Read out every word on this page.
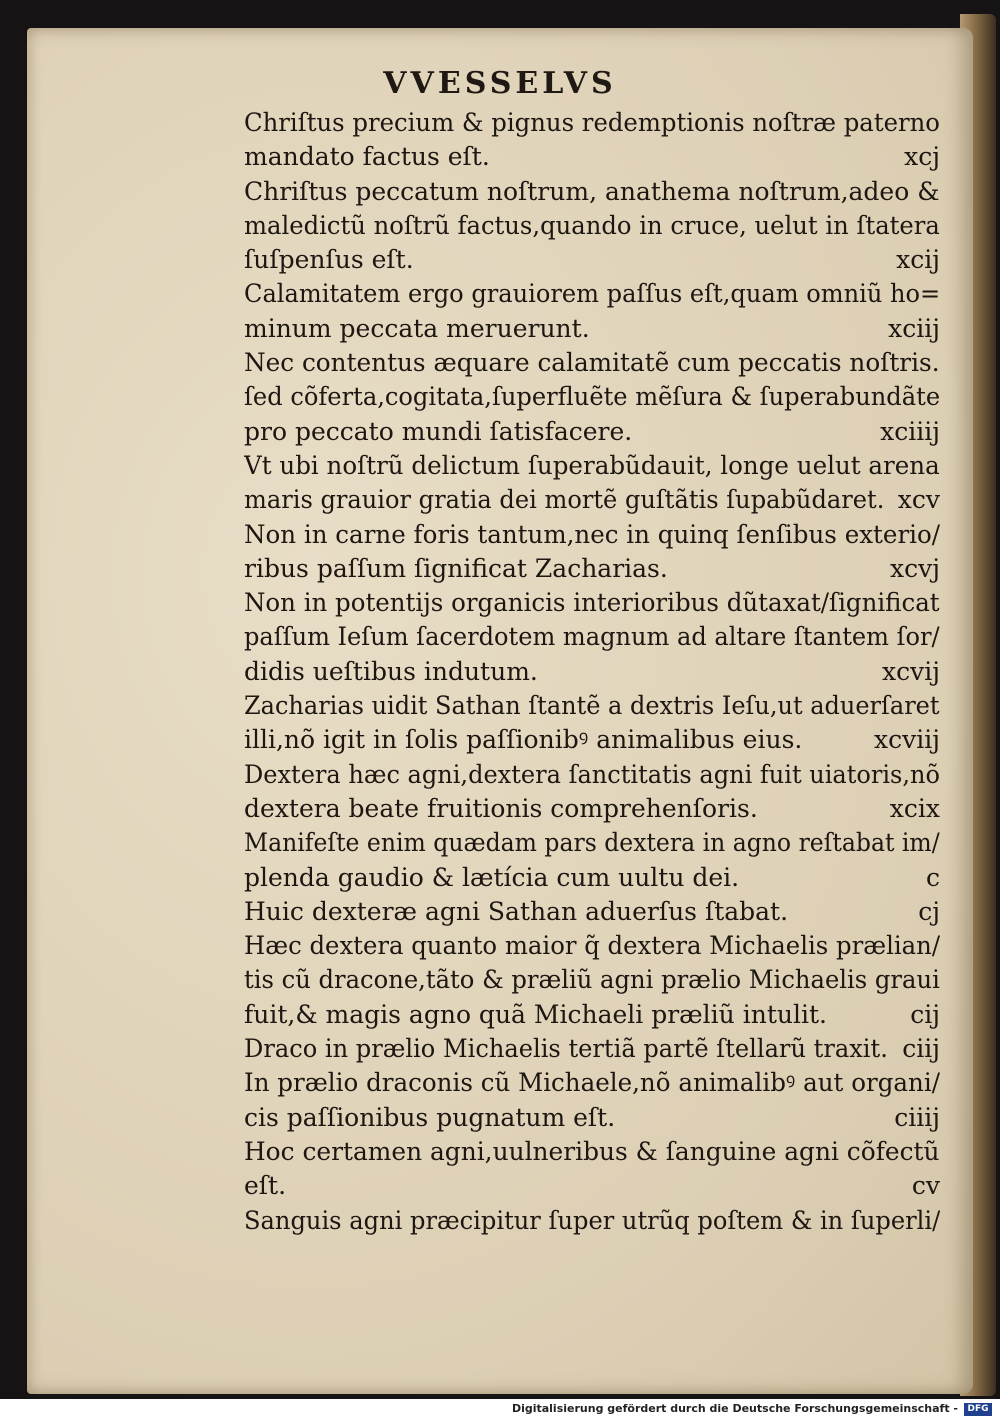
VVESSELVS
Chriſtus precium & pignus redemptionis noſtræ paterno
mandato factus eſt.	xcj
Chriſtus peccatum noſtrum, anathema noſtrum,adeo &
maledictũ noſtrũ factus,quando in cruce, uelut in ſtatera
ſuſpenſus eſt.	xcij
Calamitatem ergo grauiorem paſſus eſt,quam omniũ ho=
minum peccata meruerunt.	xciij
Nec contentus æquare calamitatẽ cum peccatis noſtris.
ſed cõferta,cogitata,ſuperfluẽte mẽſura & ſuperabundãte
pro peccato mundi ſatisfacere.	xciiij
Vt ubi noſtrũ delictum ſuperabũdauit, longe uelut arena
maris grauior gratia dei mortẽ guſtãtis ſupabũdaret. xcv
Non in carne foris tantum,nec in quinq ſenſibus exterio/
ribus paſſum ſignificat Zacharias.	xcvj
Non in potentijs organicis interioribus dũtaxat/ſignificat
paſſum Ieſum ſacerdotem magnum ad altare ſtantem ſor/
didis ueſtibus indutum.	xcvij
Zacharias uidit Sathan ſtantẽ a dextris Ieſu,ut aduerſaret
illi,nõ igit in ſolis paſſionibꝰ animalibus eius.	xcviij
Dextera hæc agni,dextera ſanctitatis agni fuit uiatoris,nõ
dextera beate fruitionis comprehenſoris.	xcix
Manifeſte enim quædam pars dextera in agno reſtabat im/
plenda gaudio & lætícia cum uultu dei.	c
Huic dexteræ agni Sathan aduerſus ſtabat.	cj
Hæc dextera quanto maior q̃ dextera Michaelis prælian/
tis cũ dracone,tãto & præliũ agni prælio Michaelis graui
fuit,& magis agno quã Michaeli præliũ intulit.	cij
Draco in prælio Michaelis tertiã partẽ ſtellarũ traxit. ciij
In prælio draconis cũ Michaele,nõ animalibꝰ aut organi/
cis paſſionibus pugnatum eſt.	ciiij
Hoc certamen agni,uulneribus & ſanguine agni cõfectũ
eſt.	cv
Sanguis agni præcipitur ſuper utrũq poſtem & in ſuperli/
Digitalisierung gefördert durch die Deutsche Forschungsgemeinschaft -	DFG
